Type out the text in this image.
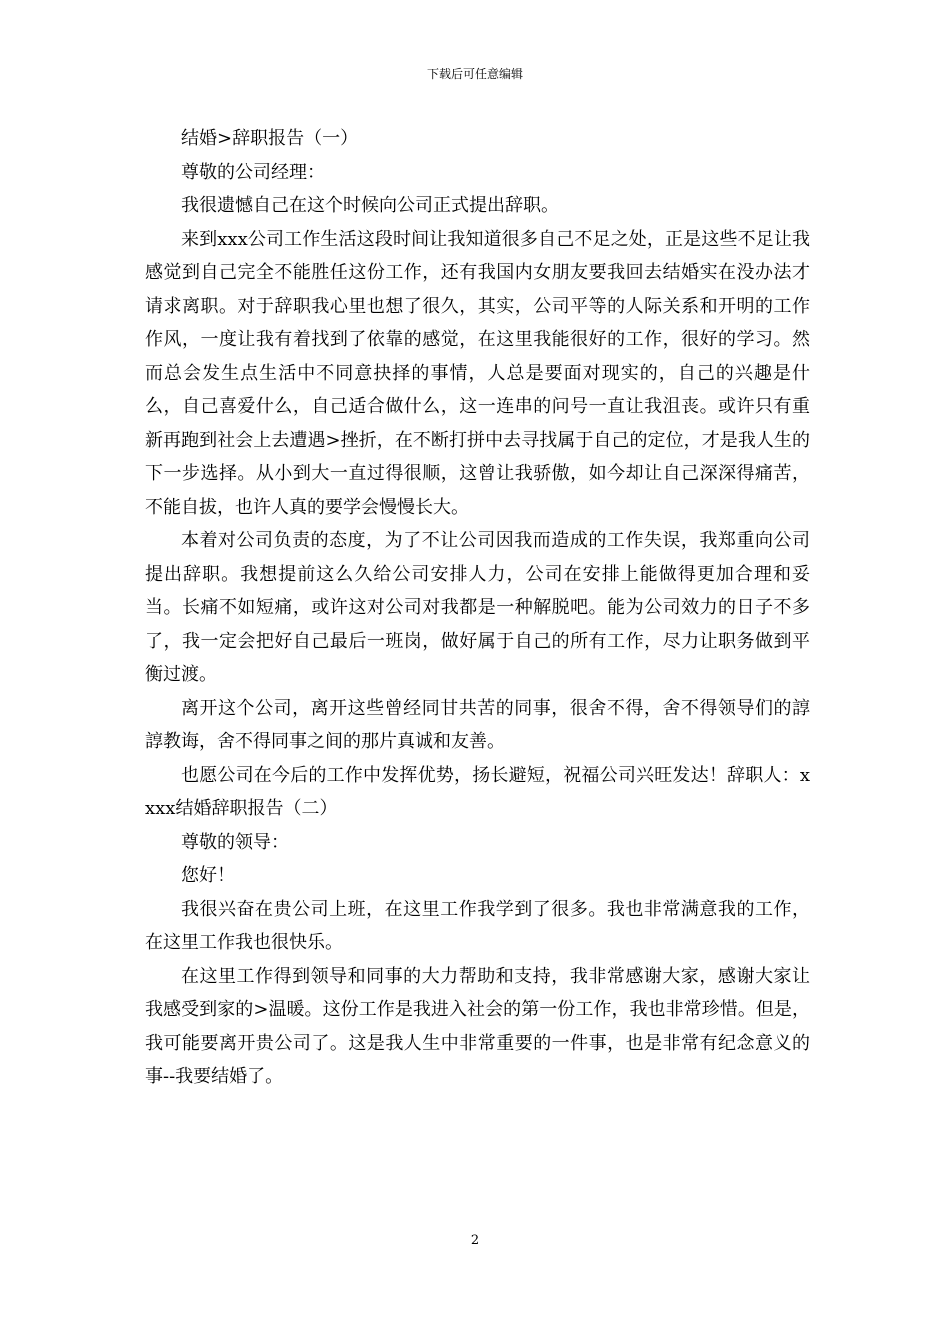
下载后可任意编辑

结婚>辞职报告（一）

尊敬的公司经理：

我很遗憾自己在这个时候向公司正式提出辞职。

来到xxx公司工作生活这段时间让我知道很多自己不足之处，正是这些不足让我感觉到自己完全不能胜任这份工作，还有我国内女朋友要我回去结婚实在没办法才请求离职。对于辞职我心里也想了很久，其实，公司平等的人际关系和开明的工作作风，一度让我有着找到了依靠的感觉，在这里我能很好的工作，很好的学习。然而总会发生点生活中不同意抉择的事情，人总是要面对现实的，自己的兴趣是什么，自己喜爱什么，自己适合做什么，这一连串的问号一直让我沮丧。或许只有重新再跑到社会上去遭遇>挫折，在不断打拼中去寻找属于自己的定位，才是我人生的下一步选择。从小到大一直过得很顺，这曾让我骄傲，如今却让自己深深得痛苦，不能自拔，也许人真的要学会慢慢长大。

本着对公司负责的态度，为了不让公司因我而造成的工作失误，我郑重向公司提出辞职。我想提前这么久给公司安排人力，公司在安排上能做得更加合理和妥当。长痛不如短痛，或许这对公司对我都是一种解脱吧。能为公司效力的日子不多了，我一定会把好自己最后一班岗，做好属于自己的所有工作，尽力让职务做到平衡过渡。

离开这个公司，离开这些曾经同甘共苦的同事，很舍不得，舍不得领导们的諄諄教诲，舍不得同事之间的那片真诚和友善。

也愿公司在今后的工作中发挥优势，扬长避短，祝福公司兴旺发达！辞职人：xxxx结婚辞职报告（二）

尊敬的领导：

您好！

我很兴奋在贵公司上班，在这里工作我学到了很多。我也非常满意我的工作，在这里工作我也很快乐。

在这里工作得到领导和同事的大力帮助和支持，我非常感谢大家，感谢大家让我感受到家的>温暖。这份工作是我进入社会的第一份工作，我也非常珍惜。但是，我可能要离开贵公司了。这是我人生中非常重要的一件事，也是非常有纪念意义的事--我要结婚了。

2
